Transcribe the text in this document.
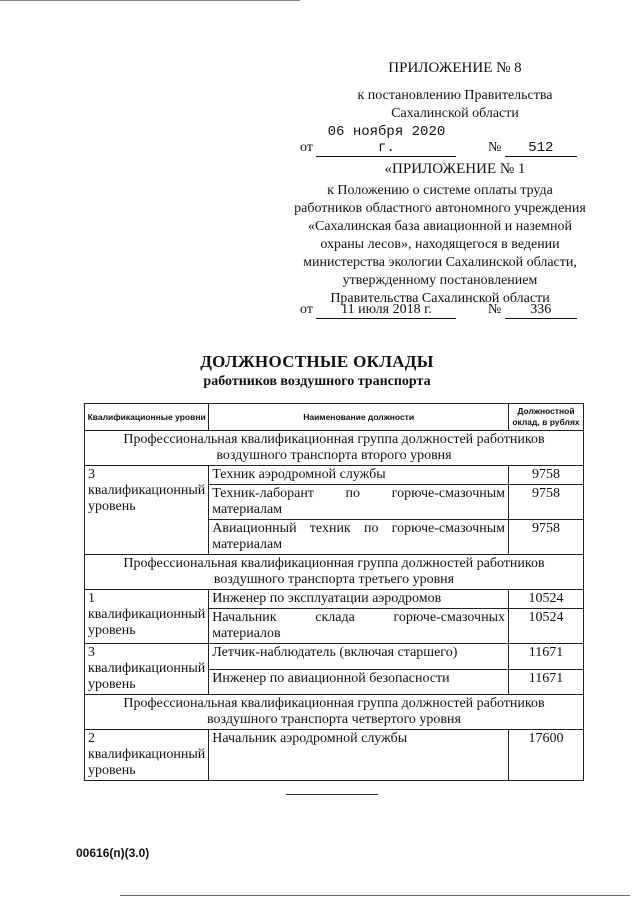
ПРИЛОЖЕНИЕ № 8
к постановлению Правительства
Сахалинской области
от 06 ноября 2020 г.	№ 512
«ПРИЛОЖЕНИЕ № 1
к Положению о системе оплаты труда
работников областного автономного учреждения
«Сахалинская база авиационной и наземной
охраны лесов», находящегося в ведении
министерства экологии Сахалинской области,
утвержденному постановлением
Правительства Сахалинской области
от 11 июля 2018 г.	№ 336
ДОЛЖНОСТНЫЕ ОКЛАДЫ
работников воздушного транспорта
Квалификационные уровни	Наименование должности	Должностной оклад, в рублях
Профессиональная квалификационная группа должностей работников воздушного транспорта второго уровня		
3 квалификационный уровень	Техник аэродромной службы	9758
	Техник-лаборант по горюче-смазочным материалам	9758
	Авиационный техник по горюче-смазочным материалам	9758
Профессиональная квалификационная группа должностей работников воздушного транспорта третьего уровня		
1 квалификационный уровень	Инженер по эксплуатации аэродромов	10524
	Начальник склада горюче-смазочных материалов	10524
3 квалификационный уровень	Летчик-наблюдатель (включая старшего)	11671
	Инженер по авиационной безопасности	11671
Профессиональная квалификационная группа должностей работников воздушного транспорта четвертого уровня		
2 квалификационный уровень	Начальник аэродромной службы	17600
00616(п)(3.0)
